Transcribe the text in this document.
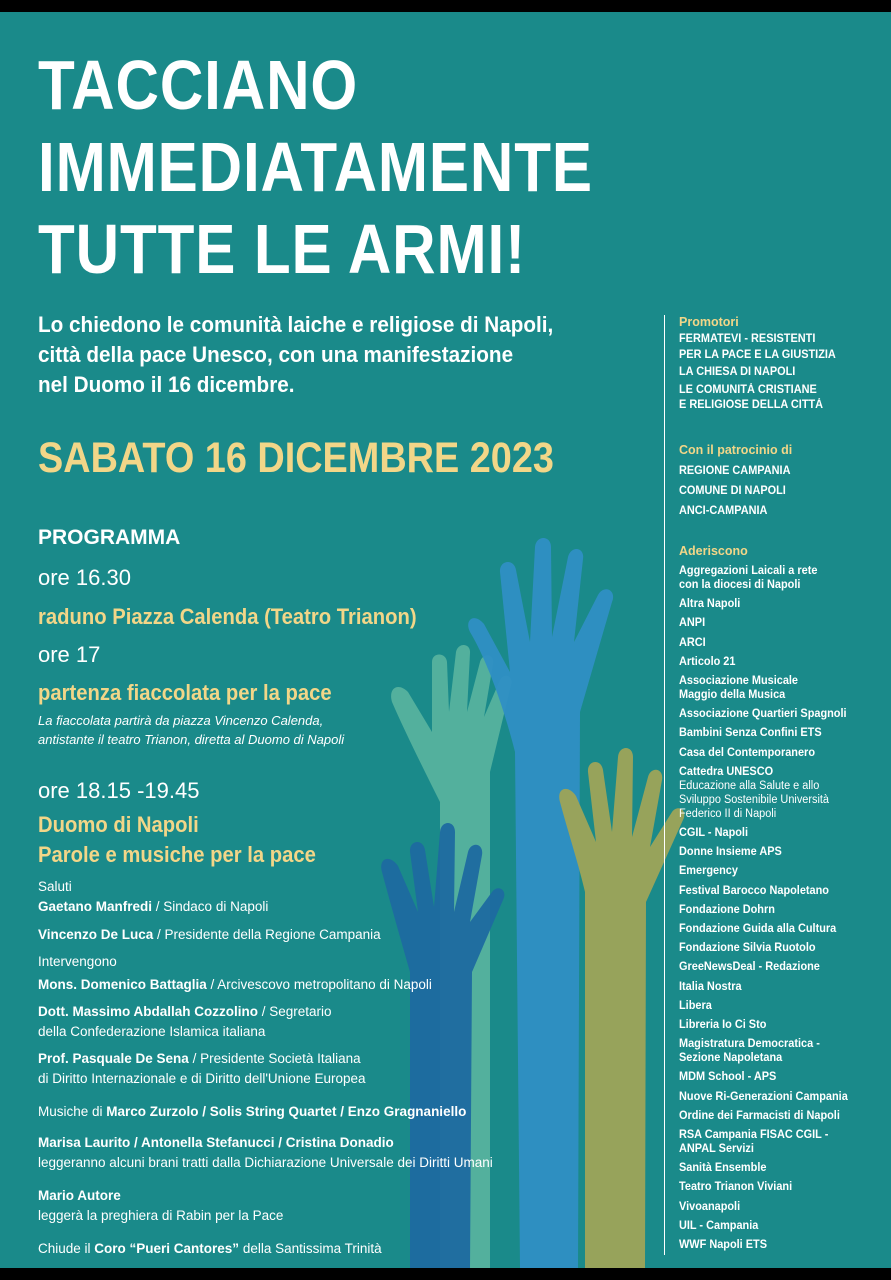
TACCIANO
IMMEDIATAMENTE
TUTTE LE ARMI!
Lo chiedono le comunità laiche e religiose di Napoli,
città della pace Unesco, con una manifestazione
nel Duomo il 16 dicembre.
SABATO 16 DICEMBRE 2023
PROGRAMMA
ore 16.30
raduno Piazza Calenda (Teatro Trianon)
ore 17
partenza fiaccolata per la pace
La fiaccolata partirà da piazza Vincenzo Calenda,
antistante il teatro Trianon, diretta al Duomo di Napoli
ore 18.15 -19.45
Duomo di Napoli
Parole e musiche per la pace
Saluti
Gaetano Manfredi / Sindaco di Napoli
Vincenzo De Luca / Presidente della Regione Campania
Intervengono
Mons. Domenico Battaglia / Arcivescovo metropolitano di Napoli
Dott. Massimo Abdallah Cozzolino / Segretario
della Confederazione Islamica italiana
Prof. Pasquale De Sena / Presidente Società Italiana
di Diritto Internazionale e di Diritto dell'Unione Europea
Musiche di Marco Zurzolo / Solis String Quartet / Enzo Gragnaniello
Marisa Laurito / Antonella Stefanucci / Cristina Donadio
leggeranno alcuni brani tratti dalla Dichiarazione Universale dei Diritti Umani
Mario Autore
leggerà la preghiera di Rabin per la Pace
Chiude il Coro “Pueri Cantores” della Santissima Trinità
Promotori
FERMATEVI - RESISTENTI
PER LA PACE E LA GIUSTIZIA
LA CHIESA DI NAPOLI
LE COMUNITÀ CRISTIANE
E RELIGIOSE DELLA CITTÀ
Con il patrocinio di
REGIONE CAMPANIA
COMUNE DI NAPOLI
ANCI-CAMPANIA
Aderiscono
Aggregazioni Laicali a rete
con la diocesi di Napoli
Altra Napoli
ANPI
ARCI
Articolo 21
Associazione Musicale
Maggio della Musica
Associazione Quartieri Spagnoli
Bambini Senza Confini ETS
Casa del Contemporanero
Cattedra UNESCO
Educazione alla Salute e allo
Sviluppo Sostenibile Università
Federico II di Napoli
CGIL - Napoli
Donne Insieme APS
Emergency
Festival Barocco Napoletano
Fondazione Dohrn
Fondazione Guida alla Cultura
Fondazione Silvia Ruotolo
GreeNewsDeal - Redazione
Italia Nostra
Libera
Libreria Io Ci Sto
Magistratura Democratica -
Sezione Napoletana
MDM School - APS
Nuove Ri-Generazioni Campania
Ordine dei Farmacisti di Napoli
RSA Campania FISAC CGIL -
ANPAL Servizi
Sanità Ensemble
Teatro Trianon Viviani
Vivoanapoli
UIL - Campania
WWF Napoli ETS
